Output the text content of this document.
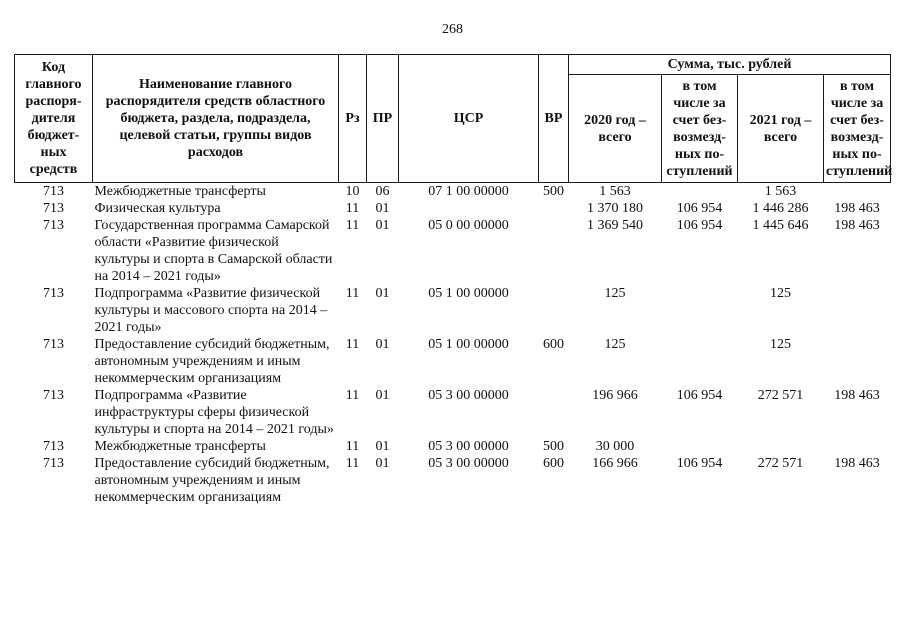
268
Код главного распоря-дителя бюджет-ных средств	Наименование главного распорядителя средств областного бюджета, раздела, подраздела, целевой статьи, группы видов расходов	Рз	ПР	ЦСР	ВР	Сумма, тыс. рублей			
						2020 год – всего	в том числе за счет без-возмезд-ных по-ступлений	2021 год – всего	в том числе за счет без-возмезд-ных по-ступлений
713	Межбюджетные трансферты	10	06	07 1 00 00000	500	1 563		1 563	
713	Физическая культура	11	01			1 370 180	106 954	1 446 286	198 463
713	Государственная программа Самарской области «Развитие физической культуры и спорта в Самарской области на 2014 – 2021 годы»	11	01	05 0 00 00000		1 369 540	106 954	1 445 646	198 463
713	Подпрограмма «Развитие физической культуры и массового спорта на 2014 – 2021 годы»	11	01	05 1 00 00000		125		125	
713	Предоставление субсидий бюджетным, автономным учреждениям и иным некоммерческим организациям	11	01	05 1 00 00000	600	125		125	
713	Подпрограмма «Развитие инфраструктуры сферы физической культуры и спорта на 2014 – 2021 годы»	11	01	05 3 00 00000		196 966	106 954	272 571	198 463
713	Межбюджетные трансферты	11	01	05 3 00 00000	500	30 000			
713	Предоставление субсидий бюджетным, автономным учреждениям и иным некоммерческим организациям	11	01	05 3 00 00000	600	166 966	106 954	272 571	198 463
